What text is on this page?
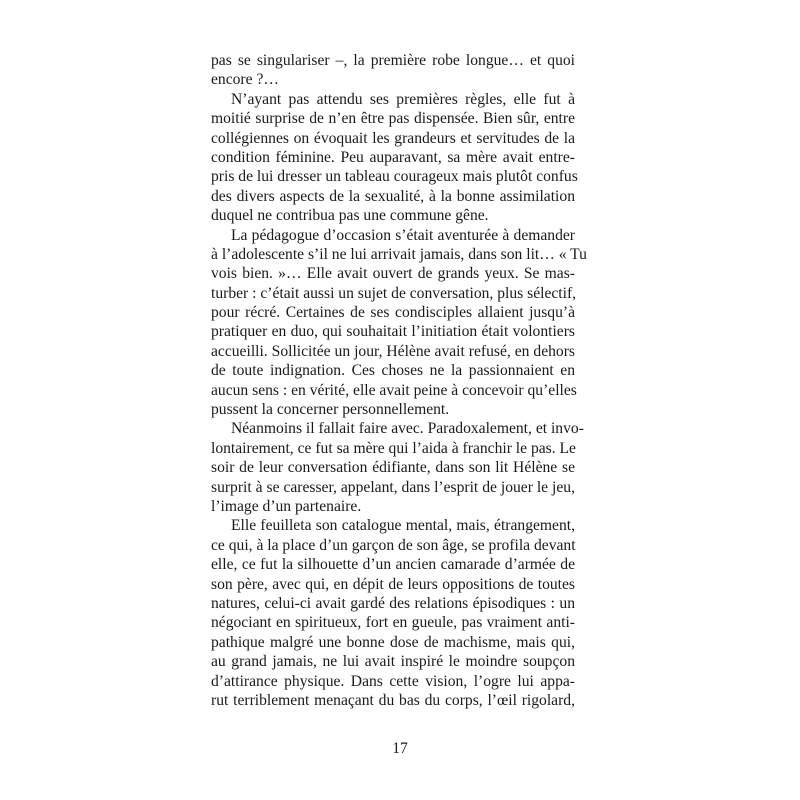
pas se singulariser –, la première robe longue… et quoi
encore ?…
N’ayant pas attendu ses premières règles, elle fut à
moitié surprise de n’en être pas dispensée. Bien sûr, entre
collégiennes on évoquait les grandeurs et servitudes de la
condition féminine. Peu auparavant, sa mère avait entre-
pris de lui dresser un tableau courageux mais plutôt confus
des divers aspects de la sexualité, à la bonne assimilation
duquel ne contribua pas une commune gêne.
La pédagogue d’occasion s’était aventurée à demander
à l’adolescente s’il ne lui arrivait jamais, dans son lit… « Tu
vois bien. »… Elle avait ouvert de grands yeux. Se mas-
turber : c’était aussi un sujet de conversation, plus sélectif,
pour récré. Certaines de ses condisciples allaient jusqu’à
pratiquer en duo, qui souhaitait l’initiation était volontiers
accueilli. Sollicitée un jour, Hélène avait refusé, en dehors
de toute indignation. Ces choses ne la passionnaient en
aucun sens : en vérité, elle avait peine à concevoir qu’elles
pussent la concerner personnellement.
Néanmoins il fallait faire avec. Paradoxalement, et invo-
lontairement, ce fut sa mère qui l’aida à franchir le pas. Le
soir de leur conversation édifiante, dans son lit Hélène se
surprit à se caresser, appelant, dans l’esprit de jouer le jeu,
l’image d’un partenaire.
Elle feuilleta son catalogue mental, mais, étrangement,
ce qui, à la place d’un garçon de son âge, se profila devant
elle, ce fut la silhouette d’un ancien camarade d’armée de
son père, avec qui, en dépit de leurs oppositions de toutes
natures, celui-ci avait gardé des relations épisodiques : un
négociant en spiritueux, fort en gueule, pas vraiment anti-
pathique malgré une bonne dose de machisme, mais qui,
au grand jamais, ne lui avait inspiré le moindre soupçon
d’attirance physique. Dans cette vision, l’ogre lui appa-
rut terriblement menaçant du bas du corps, l’œil rigolard,
17
